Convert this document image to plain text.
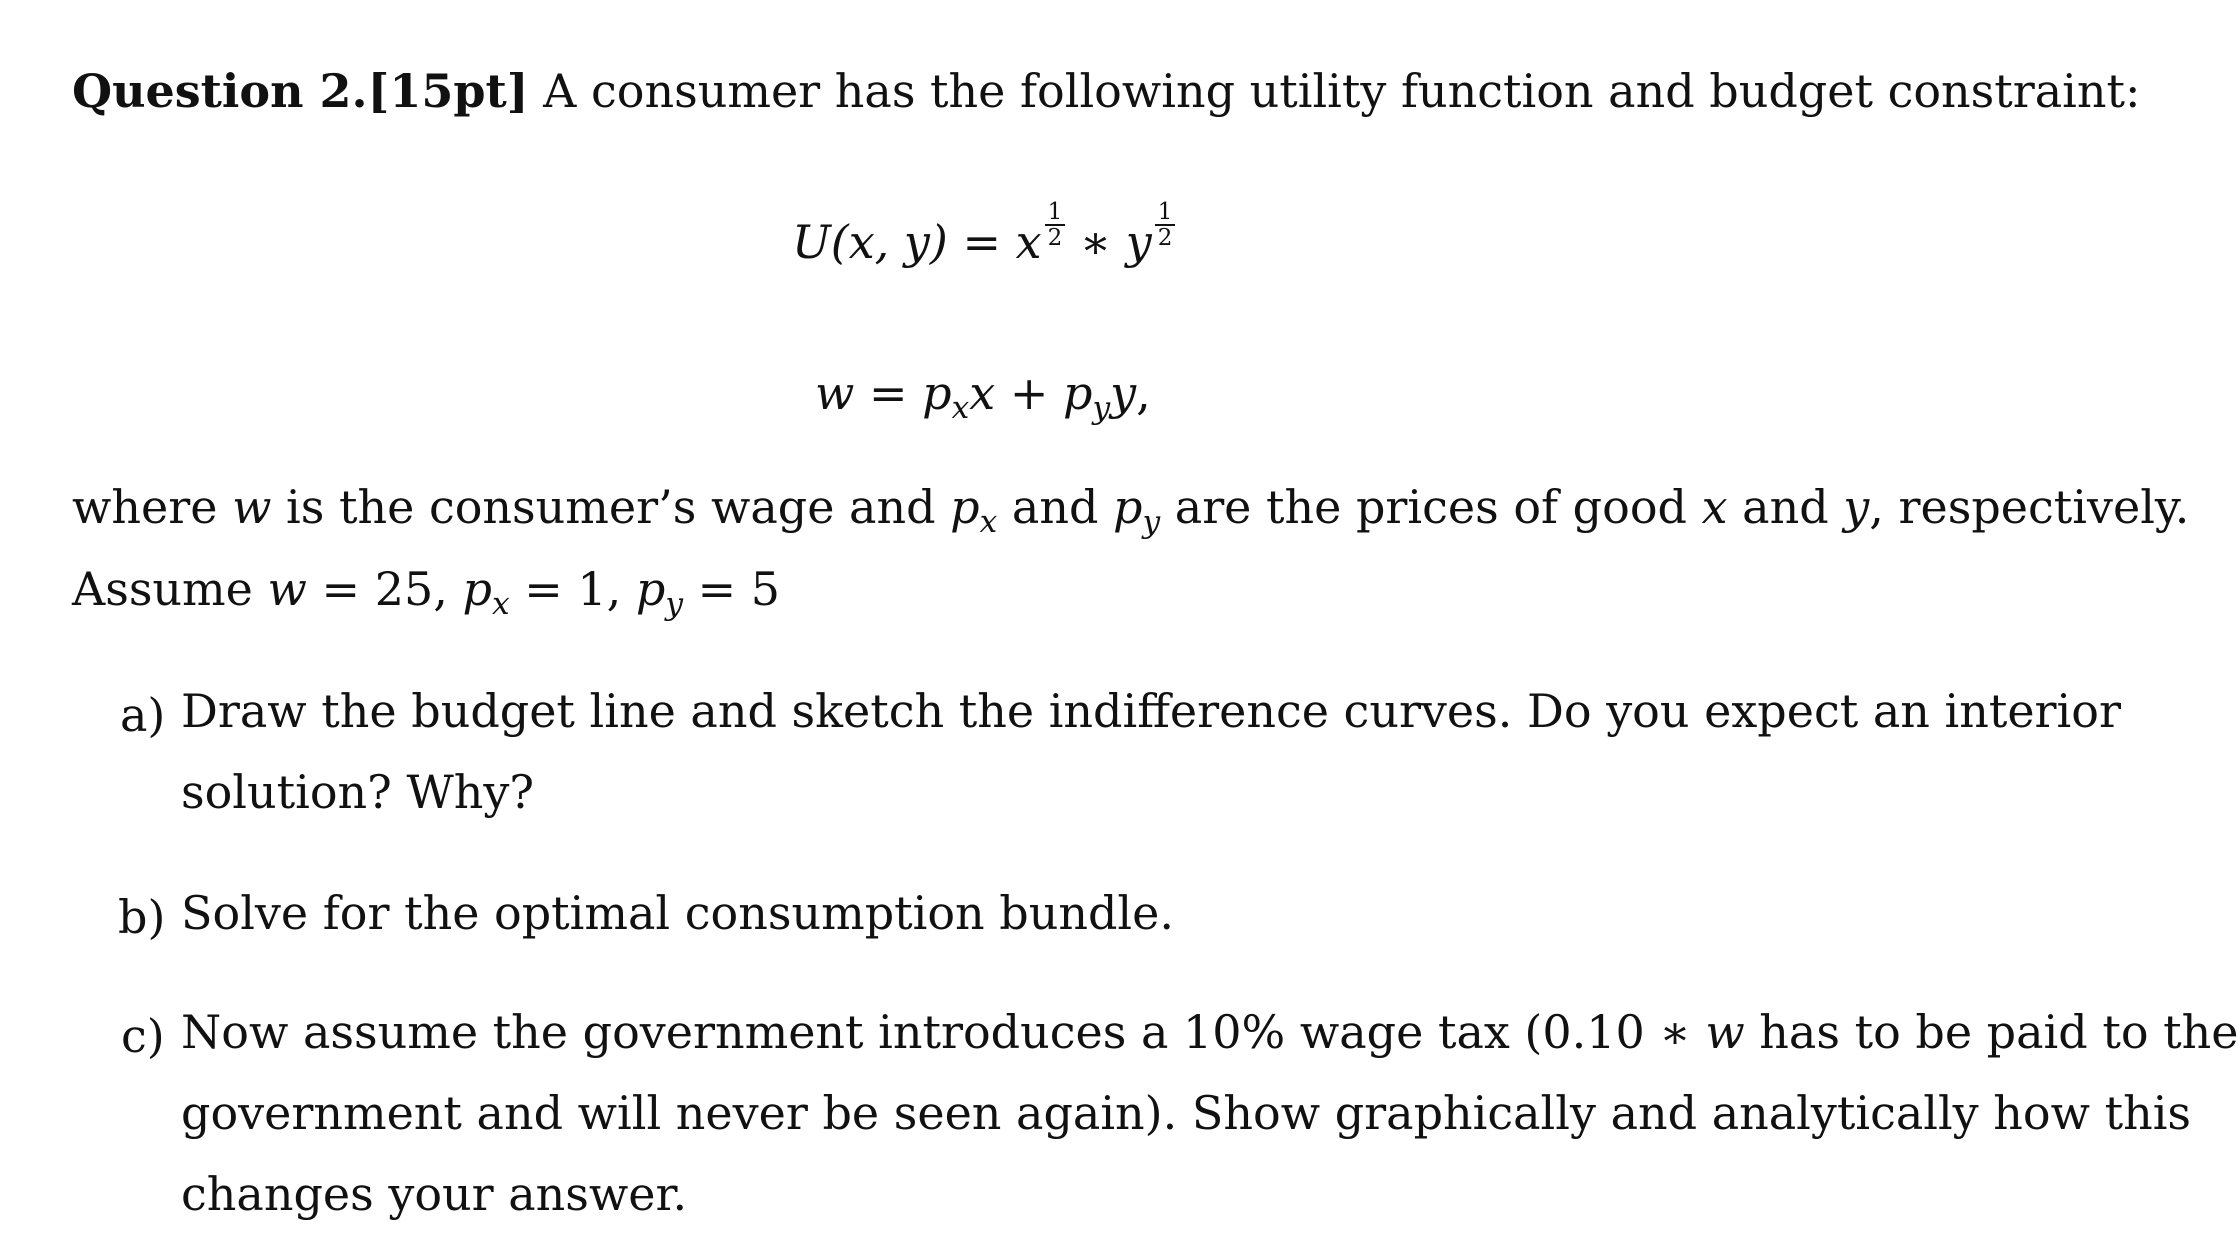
Question 2.[15pt] A consumer has the following utility function and budget constraint:
U(x, y) = x $\frac{1}{2}$ ∗ y $\frac{1}{2}$
$w = p_xx + p_yy$,
where w is the consumer’s wage and $p_x$ and $p_y$ are the prices of good x and y, respectively.
Assume w = 25, $p_x = 1$, $p_y = 5$
a) Draw the budget line and sketch the indifference curves. Do you expect an interior
solution? Why?
b) Solve for the optimal consumption bundle.
c) Now assume the government introduces a 10% wage tax (0.10 ∗ w has to be paid to the
government and will never be seen again). Show graphically and analytically how this
changes your answer.
